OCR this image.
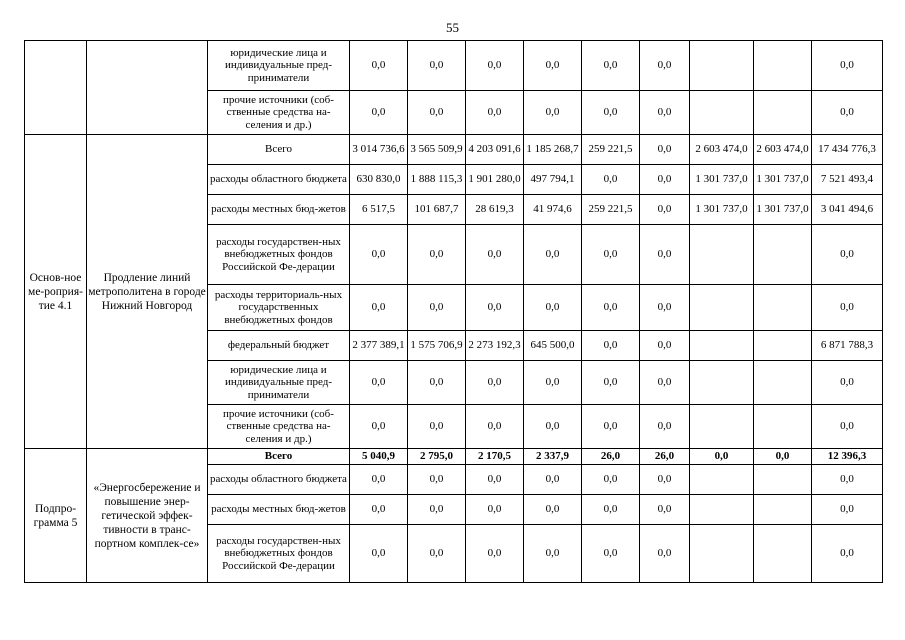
55
		юридические лица и индивидуальные пред-приниматели	0,0	0,0	0,0	0,0	0,0	0,0			0,0
		прочие источники (соб-ственные средства на-селения и др.)	0,0	0,0	0,0	0,0	0,0	0,0			0,0
Основ-ное ме-роприя-тие 4.1	Продление линий метрополитена в городе Нижний Новгород	Всего	3 014 736,6	3 565 509,9	4 203 091,6	1 185 268,7	259 221,5	0,0	2 603 474,0	2 603 474,0	17 434 776,3
		расходы областного бюджета	630 830,0	1 888 115,3	1 901 280,0	497 794,1	0,0	0,0	1 301 737,0	1 301 737,0	7 521 493,4
		расходы местных бюд-жетов	6 517,5	101 687,7	28 619,3	41 974,6	259 221,5	0,0	1 301 737,0	1 301 737,0	3 041 494,6
		расходы государствен-ных внебюджетных фондов Российской Фе-дерации	0,0	0,0	0,0	0,0	0,0	0,0			0,0
		расходы территориаль-ных государственных внебюджетных фондов	0,0	0,0	0,0	0,0	0,0	0,0			0,0
		федеральный бюджет	2 377 389,1	1 575 706,9	2 273 192,3	645 500,0	0,0	0,0			6 871 788,3
		юридические лица и индивидуальные пред-приниматели	0,0	0,0	0,0	0,0	0,0	0,0			0,0
		прочие источники (соб-ственные средства на-селения и др.)	0,0	0,0	0,0	0,0	0,0	0,0			0,0
Подпро-грамма 5	«Энергосбережение и повышение энер-гетической эффек-тивности в транс-портном комплек-се»	Всего	5 040,9	2 795,0	2 170,5	2 337,9	26,0	26,0	0,0	0,0	12 396,3
		расходы областного бюджета	0,0	0,0	0,0	0,0	0,0	0,0			0,0
		расходы местных бюд-жетов	0,0	0,0	0,0	0,0	0,0	0,0			0,0
		расходы государствен-ных внебюджетных фондов Российской Фе-дерации	0,0	0,0	0,0	0,0	0,0	0,0			0,0
